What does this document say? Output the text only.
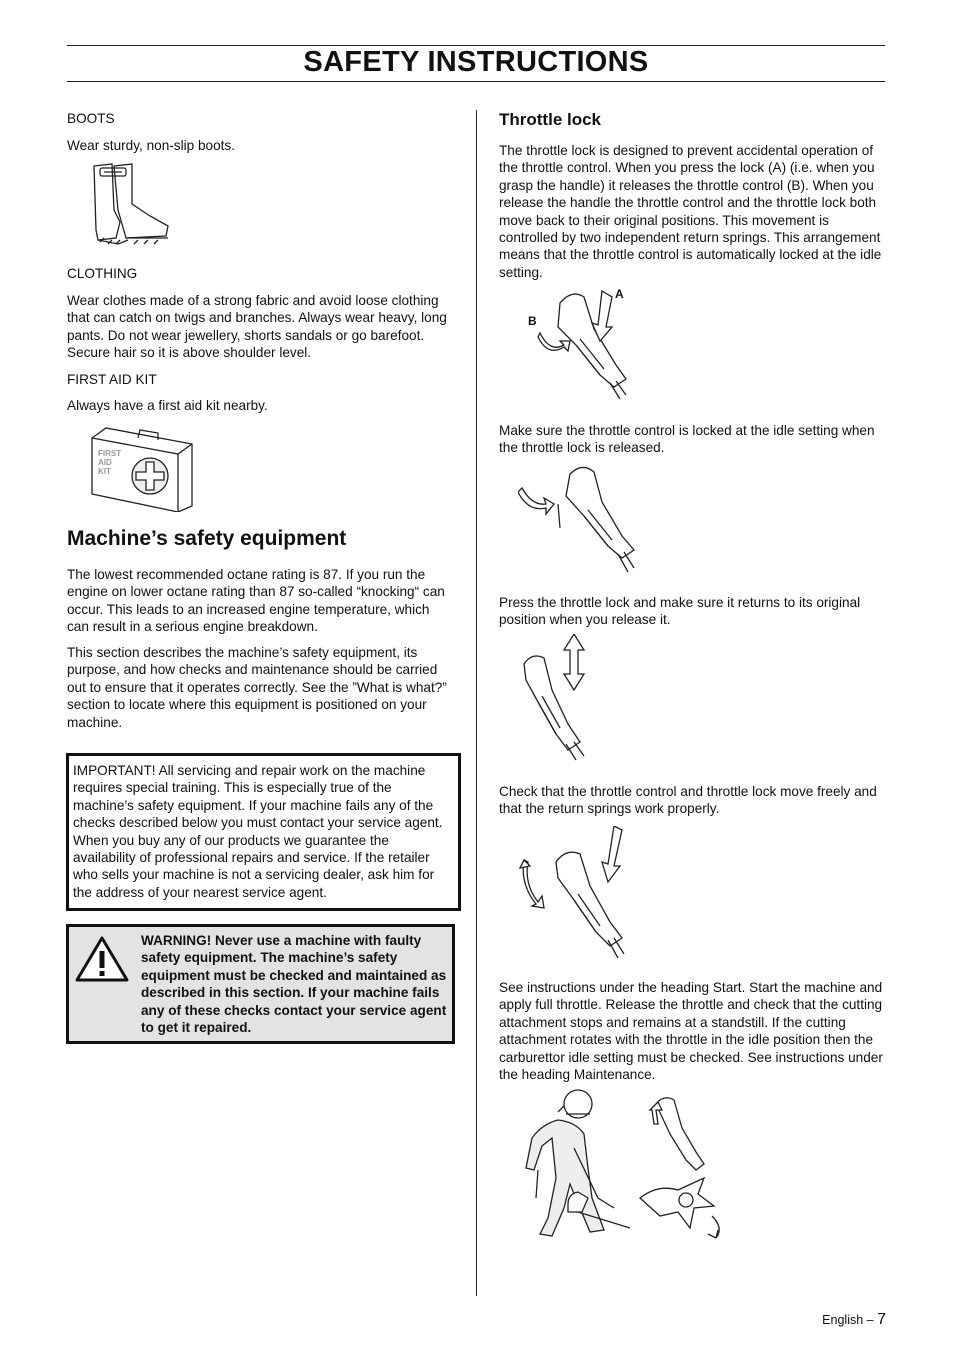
SAFETY INSTRUCTIONS

BOOTS

Wear sturdy, non-slip boots.

CLOTHING

Wear clothes made of a strong fabric and avoid loose clothing that can catch on twigs and branches. Always wear heavy, long pants. Do not wear jewellery, shorts sandals or go barefoot. Secure hair so it is above shoulder level.

FIRST AID KIT

Always have a first aid kit nearby.

FIRST
AID
KIT
Machine’s safety equipment

The lowest recommended octane rating is 87. If you run the engine on lower octane rating than 87 so-called “knocking“ can occur. This leads to an increased engine temperature, which can result in a serious engine breakdown.

This section describes the machine’s safety equipment, its purpose, and how checks and maintenance should be carried out to ensure that it operates correctly. See the ”What is what?” section to locate where this equipment is positioned on your machine.

IMPORTANT! All servicing and repair work on the machine requires special training. This is especially true of the machine’s safety equipment. If your machine fails any of the checks described below you must contact your service agent. When you buy any of our products we guarantee the availability of professional repairs and service. If the retailer who sells your machine is not a servicing dealer, ask him for the address of your nearest service agent.

WARNING! Never use a machine with faulty safety equipment. The machine’s safety equipment must be checked and maintained as described in this section. If your machine fails any of these checks contact your service agent to get it repaired.

Throttle lock

The throttle lock is designed to prevent accidental operation of the throttle control. When you press the lock (A) (i.e. when you grasp the handle) it releases the throttle control (B). When you release the handle the throttle control and the throttle lock both move back to their original positions. This movement is controlled by two independent return springs. This arrangement means that the throttle control is automatically locked at the idle setting.

A
B

Make sure the throttle control is locked at the idle setting when the throttle lock is released.

Press the throttle lock and make sure it returns to its original position when you release it.

Check that the throttle control and throttle lock move freely and that the return springs work properly.

See instructions under the heading Start. Start the machine and apply full throttle. Release the throttle and check that the cutting attachment stops and remains at a standstill. If the cutting attachment rotates with the throttle in the idle position then the carburettor idle setting must be checked. See instructions under the heading Maintenance.

English – 7
